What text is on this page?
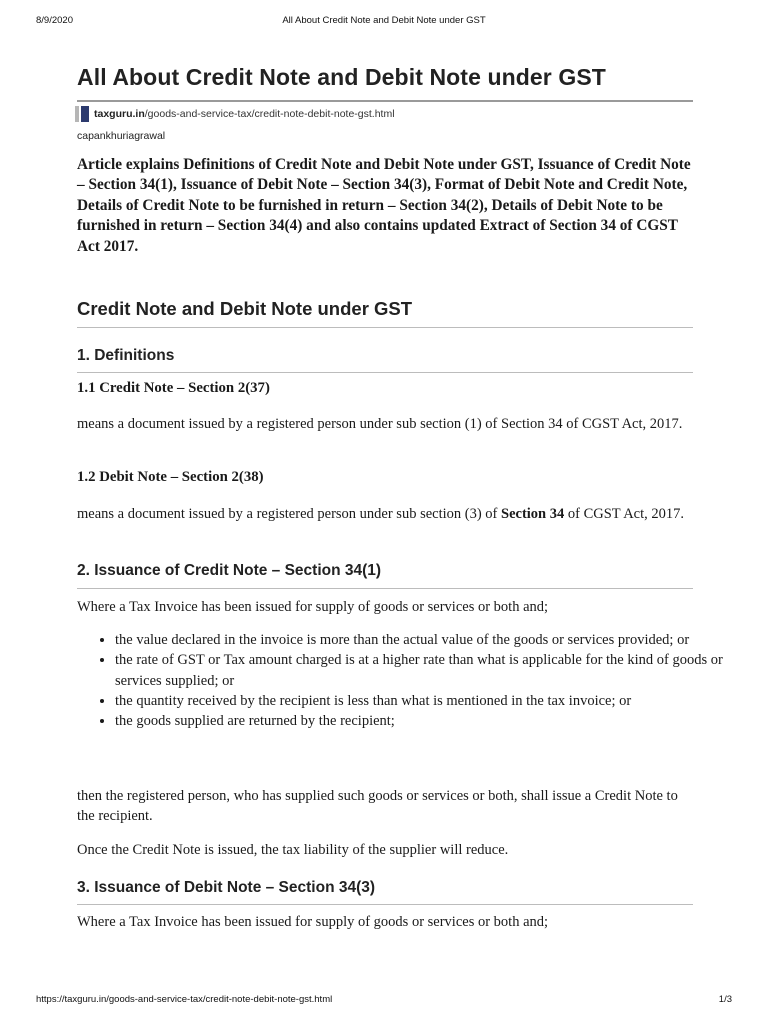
8/9/2020	All About Credit Note and Debit Note under GST
All About Credit Note and Debit Note under GST
taxguru.in /goods-and-service-tax/credit-note-debit-note-gst.html
capankhuriagrawal

Article explains Definitions of Credit Note and Debit Note under GST, Issuance of Credit Note – Section 34(1), Issuance of Debit Note – Section 34(3), Format of Debit Note and Credit Note, Details of Credit Note to be furnished in return – Section 34(2), Details of Debit Note to be furnished in return – Section 34(4) and also contains updated Extract of Section 34 of CGST Act 2017.

Credit Note and Debit Note under GST
1. Definitions
1.1 Credit Note – Section 2(37)

means a document issued by a registered person under sub section (1) of Section 34 of CGST Act, 2017.

1.2 Debit Note – Section 2(38)

means a document issued by a registered person under sub section (3) of Section 34 of CGST Act, 2017.

2. Issuance of Credit Note – Section 34(1)

Where a Tax Invoice has been issued for supply of goods or services or both and;

• the value declared in the invoice is more than the actual value of the goods or services provided; or
• the rate of GST or Tax amount charged is at a higher rate than what is applicable for the kind of goods or services supplied; or
• the quantity received by the recipient is less than what is mentioned in the tax invoice; or
• the goods supplied are returned by the recipient;

then the registered person, who has supplied such goods or services or both, shall issue a Credit Note to the recipient.

Once the Credit Note is issued, the tax liability of the supplier will reduce.

3. Issuance of Debit Note – Section 34(3)

Where a Tax Invoice has been issued for supply of goods or services or both and;

https://taxguru.in/goods-and-service-tax/credit-note-debit-note-gst.html	1/3
